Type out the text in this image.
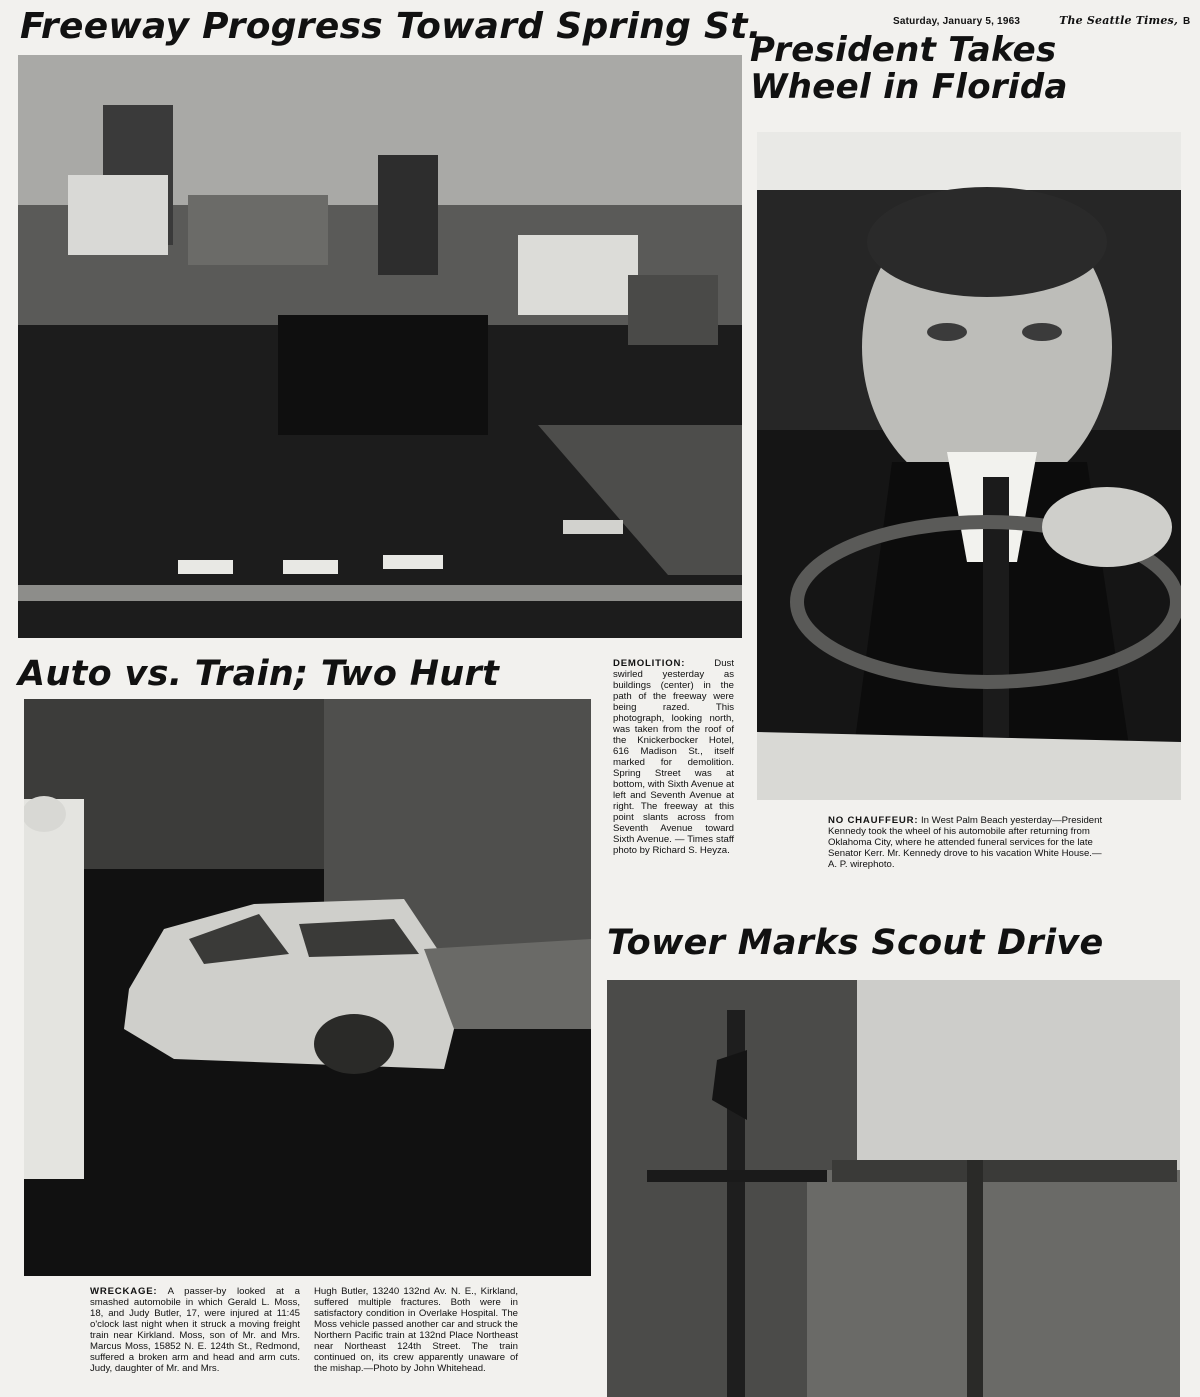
Saturday, January 5, 1963	The Seattle Times, B
Freeway Progress Toward Spring St.
President Takes Wheel in Florida
Auto vs. Train; Two Hurt
Tower Marks Scout Drive
DEMOLITION:	Dust swirled yesterday as buildings (center) in the path of the freeway were being razed. This photograph, looking north, was taken from the roof of the Knickerbocker Hotel, 616 Madison St., itself marked for demolition. Spring Street was at bottom, with Sixth Avenue at left and Seventh Avenue at right. The freeway at this point slants across from Seventh Avenue toward Sixth Avenue. — Times staff photo by Richard S. Heyza.
NO CHAUFFEUR: In West Palm Beach yesterday—President Kennedy took the wheel of his automobile after returning from Oklahoma City, where he attended funeral services for the late Senator Kerr. Mr. Kennedy drove to his vacation White House.—A. P. wirephoto.
WRECKAGE: A passer-by looked at a smashed automobile in which Gerald L. Moss, 18, and Judy Butler, 17, were injured at 11:45 o'clock last night when it struck a moving freight train near Kirkland. Moss, son of Mr. and Mrs. Marcus Moss, 15852 N. E. 124th St., Redmond, suffered a broken arm and head and arm cuts. Judy, daughter of Mr. and Mrs.
Hugh Butler, 13240 132nd Av. N. E., Kirkland, suffered multiple fractures. Both were in satisfactory condition in Overlake Hospital. The Moss vehicle passed another car and struck the Northern Pacific train at 132nd Place Northeast near Northeast 124th Street. The train continued on, its crew apparently unaware of the mishap.—Photo by John Whitehead.
